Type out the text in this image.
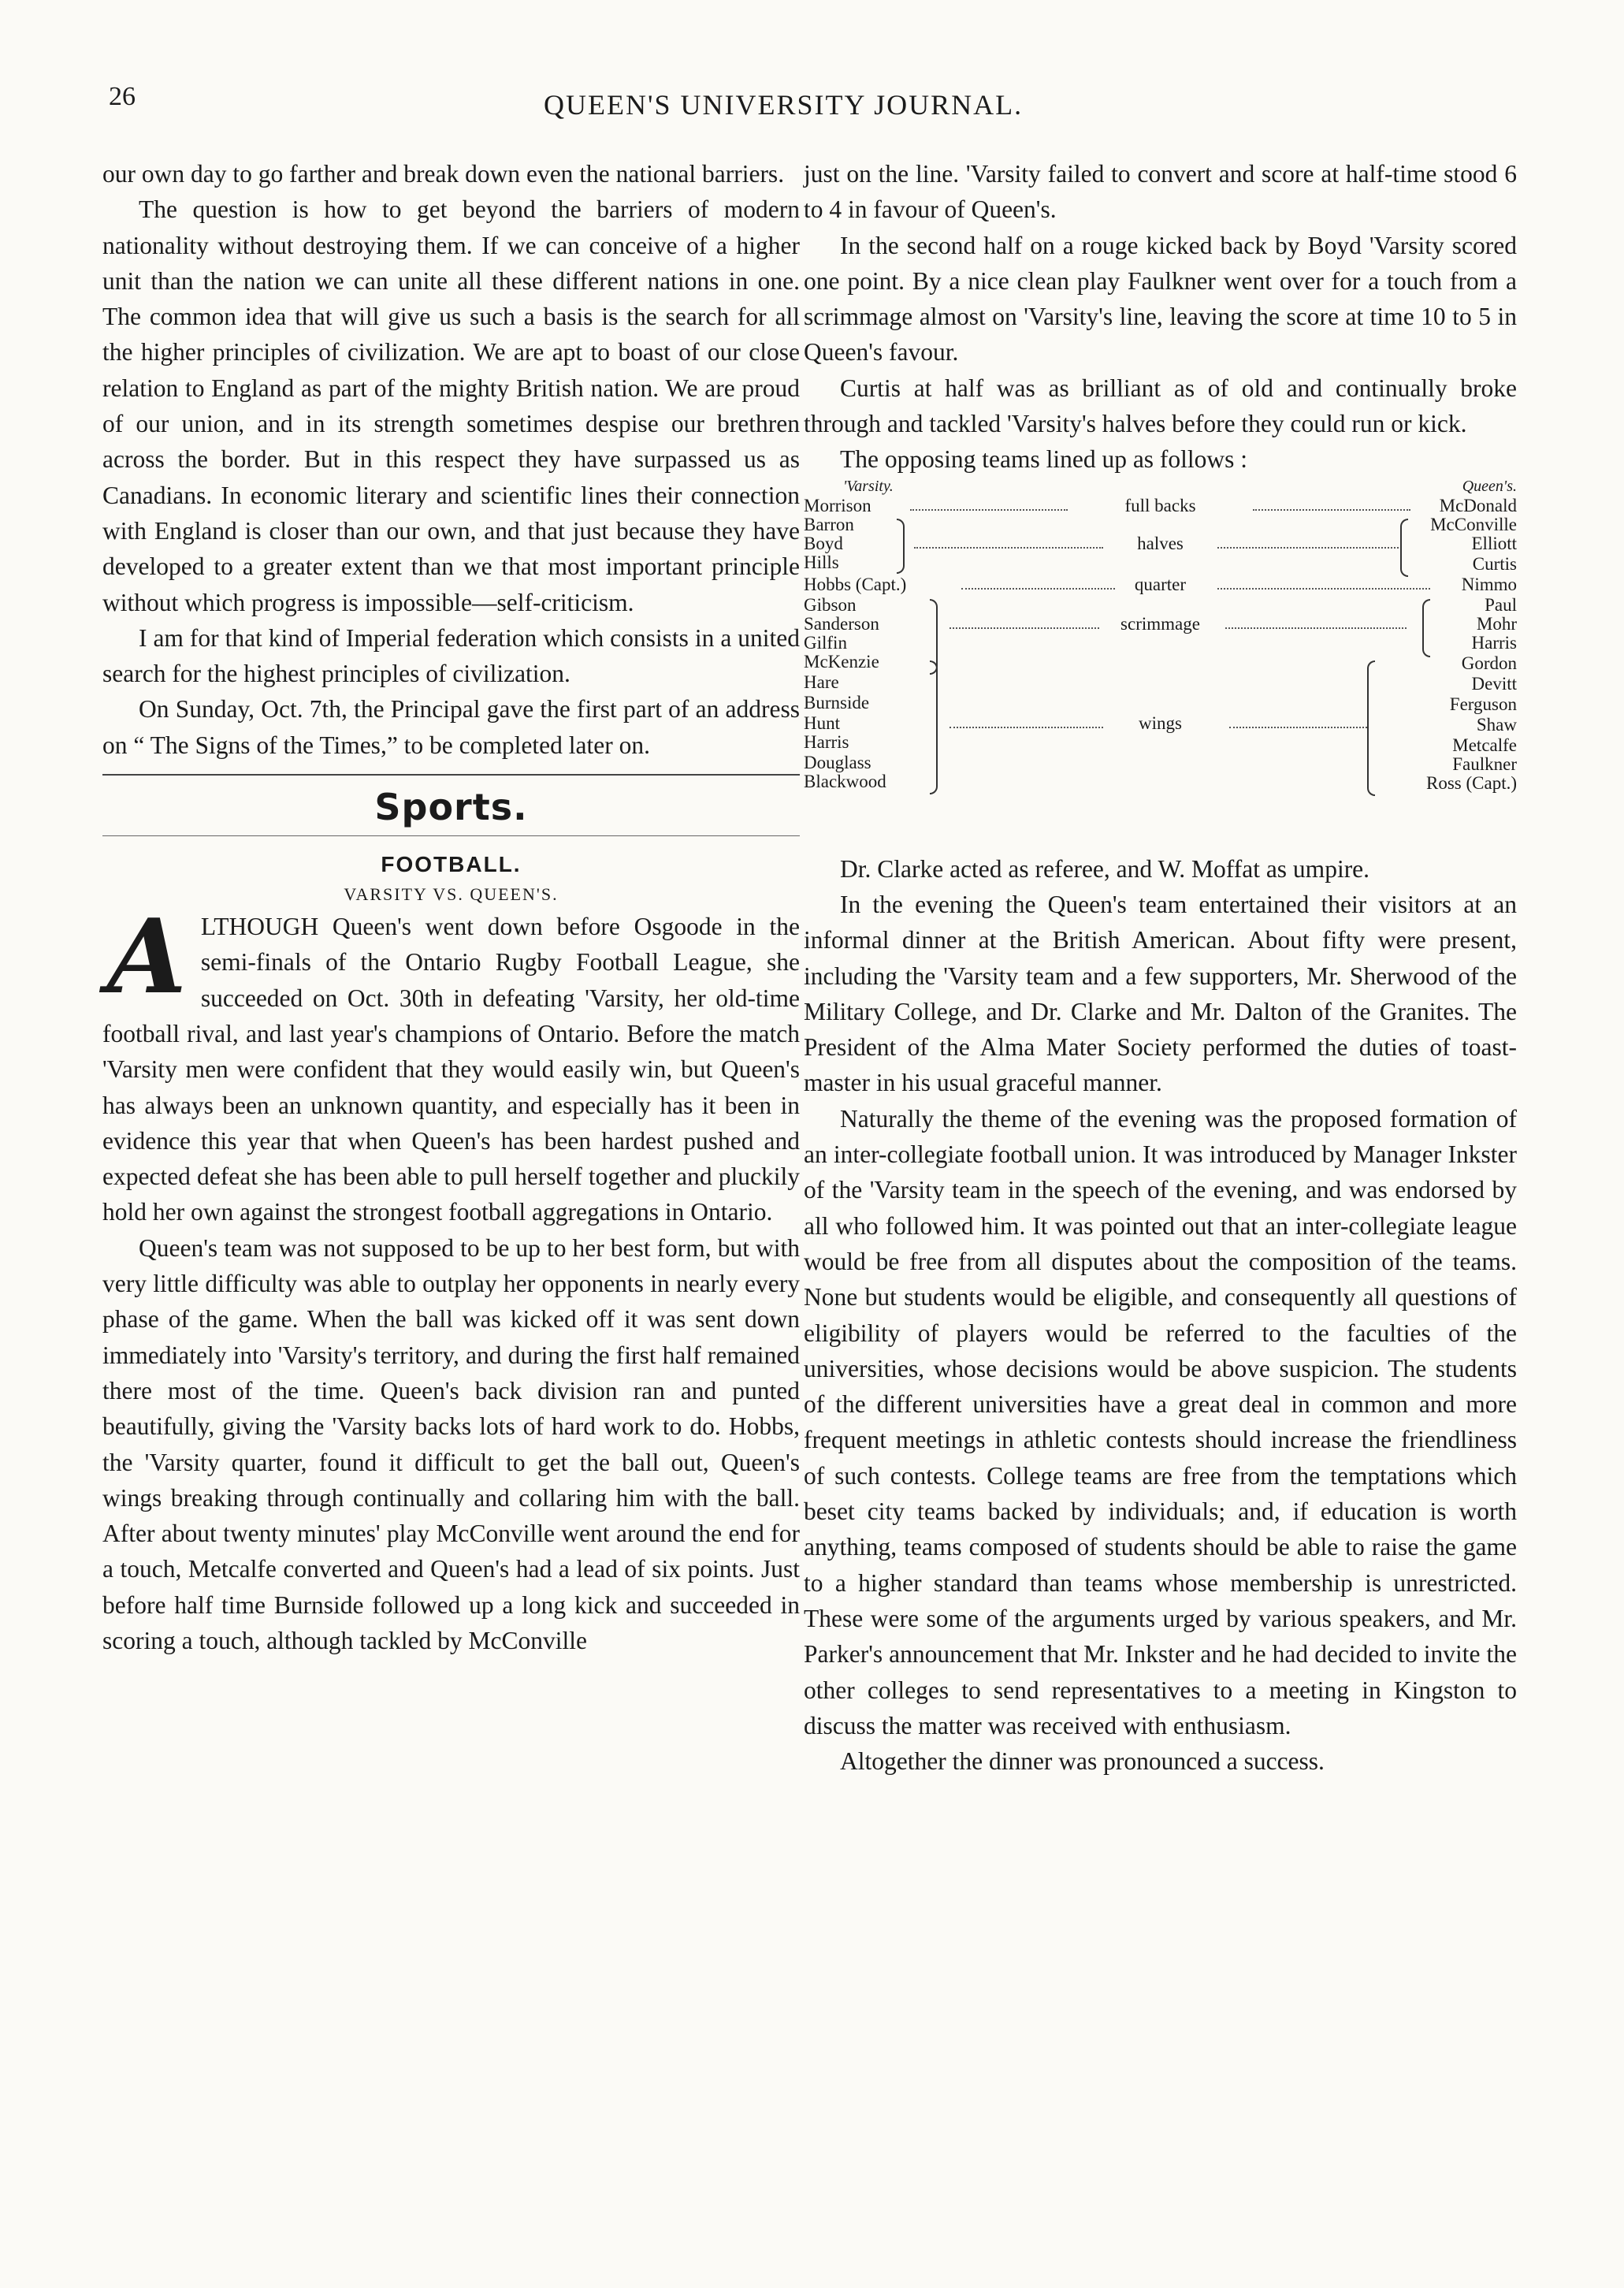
26	QUEEN'S UNIVERSITY JOURNAL.

our own day to go farther and break down even the national barriers.

The question is how to get beyond the barriers of modern nationality without destroying them. If we can conceive of a higher unit than the nation we can unite all these different nations in one. The common idea that will give us such a basis is the search for all the higher principles of civilization. We are apt to boast of our close relation to England as part of the mighty British nation. We are proud of our union, and in its strength sometimes despise our brethren across the border. But in this respect they have surpassed us as Canadians. In economic literary and scientific lines their connection with England is closer than our own, and that just because they have developed to a greater extent than we that most important principle without which progress is impossible—self-criticism.

I am for that kind of Imperial federation which consists in a united search for the highest principles of civilization.

On Sunday, Oct. 7th, the Principal gave the first part of an address on “ The Signs of the Times,” to be completed later on.

Sports.
FOOTBALL.
VARSITY VS. QUEEN'S.

ALTHOUGH Queen's went down before Osgoode in the semi-finals of the Ontario Rugby Football League, she succeeded on Oct. 30th in defeating 'Varsity, her old-time football rival, and last year's champions of Ontario. Before the match 'Varsity men were confident that they would easily win, but Queen's has always been an unknown quantity, and especially has it been in evidence this year that when Queen's has been hardest pushed and expected defeat she has been able to pull herself together and pluckily hold her own against the strongest football aggregations in Ontario.

Queen's team was not supposed to be up to her best form, but with very little difficulty was able to outplay her opponents in nearly every phase of the game. When the ball was kicked off it was sent down immediately into 'Varsity's territory, and during the first half remained there most of the time. Queen's back division ran and punted beautifully, giving the 'Varsity backs lots of hard work to do. Hobbs, the 'Varsity quarter, found it difficult to get the ball out, Queen's wings breaking through continually and collaring him with the ball. After about twenty minutes' play McConville went around the end for a touch, Metcalfe converted and Queen's had a lead of six points. Just before half time Burnside followed up a long kick and succeeded in scoring a touch, although tackled by McConville

just on the line. 'Varsity failed to convert and score at half-time stood 6 to 4 in favour of Queen's.

In the second half on a rouge kicked back by Boyd 'Varsity scored one point. By a nice clean play Faulkner went over for a touch from a scrimmage almost on 'Varsity's line, leaving the score at time 10 to 5 in Queen's favour.

Curtis at half was as brilliant as of old and continually broke through and tackled 'Varsity's halves before they could run or kick.

The opposing teams lined up as follows :

'Varsity.	Queen's.
Morrison
Barron
Boyd
Hills
Hobbs (Capt.)
Gibson
Sanderson
Gilfin
McKenzie
Hare
Burnside
Hunt
Harris
Douglass
Blackwood
McDonald
McConville
Elliott
Curtis
Nimmo
Paul
Mohr
Harris
Gordon
Devitt
Ferguson
Shaw
Metcalfe
Faulkner
Ross (Capt.)
full backs
halves
quarter
scrimmage
wings

Dr. Clarke acted as referee, and W. Moffat as umpire.

In the evening the Queen's team entertained their visitors at an informal dinner at the British American. About fifty were present, including the 'Varsity team and a few supporters, Mr. Sherwood of the Military College, and Dr. Clarke and Mr. Dalton of the Granites. The President of the Alma Mater Society performed the duties of toast-master in his usual graceful manner.

Naturally the theme of the evening was the proposed formation of an inter-collegiate football union. It was introduced by Manager Inkster of the 'Varsity team in the speech of the evening, and was endorsed by all who followed him. It was pointed out that an inter-collegiate league would be free from all disputes about the composition of the teams. None but students would be eligible, and consequently all questions of eligibility of players would be referred to the faculties of the universities, whose decisions would be above suspicion. The students of the different universities have a great deal in common and more frequent meetings in athletic contests should increase the friendliness of such contests. College teams are free from the temptations which beset city teams backed by individuals; and, if education is worth anything, teams composed of students should be able to raise the game to a higher standard than teams whose membership is unrestricted. These were some of the arguments urged by various speakers, and Mr. Parker's announcement that Mr. Inkster and he had decided to invite the other colleges to send representatives to a meeting in Kingston to discuss the matter was received with enthusiasm.

Altogether the dinner was pronounced a success.
